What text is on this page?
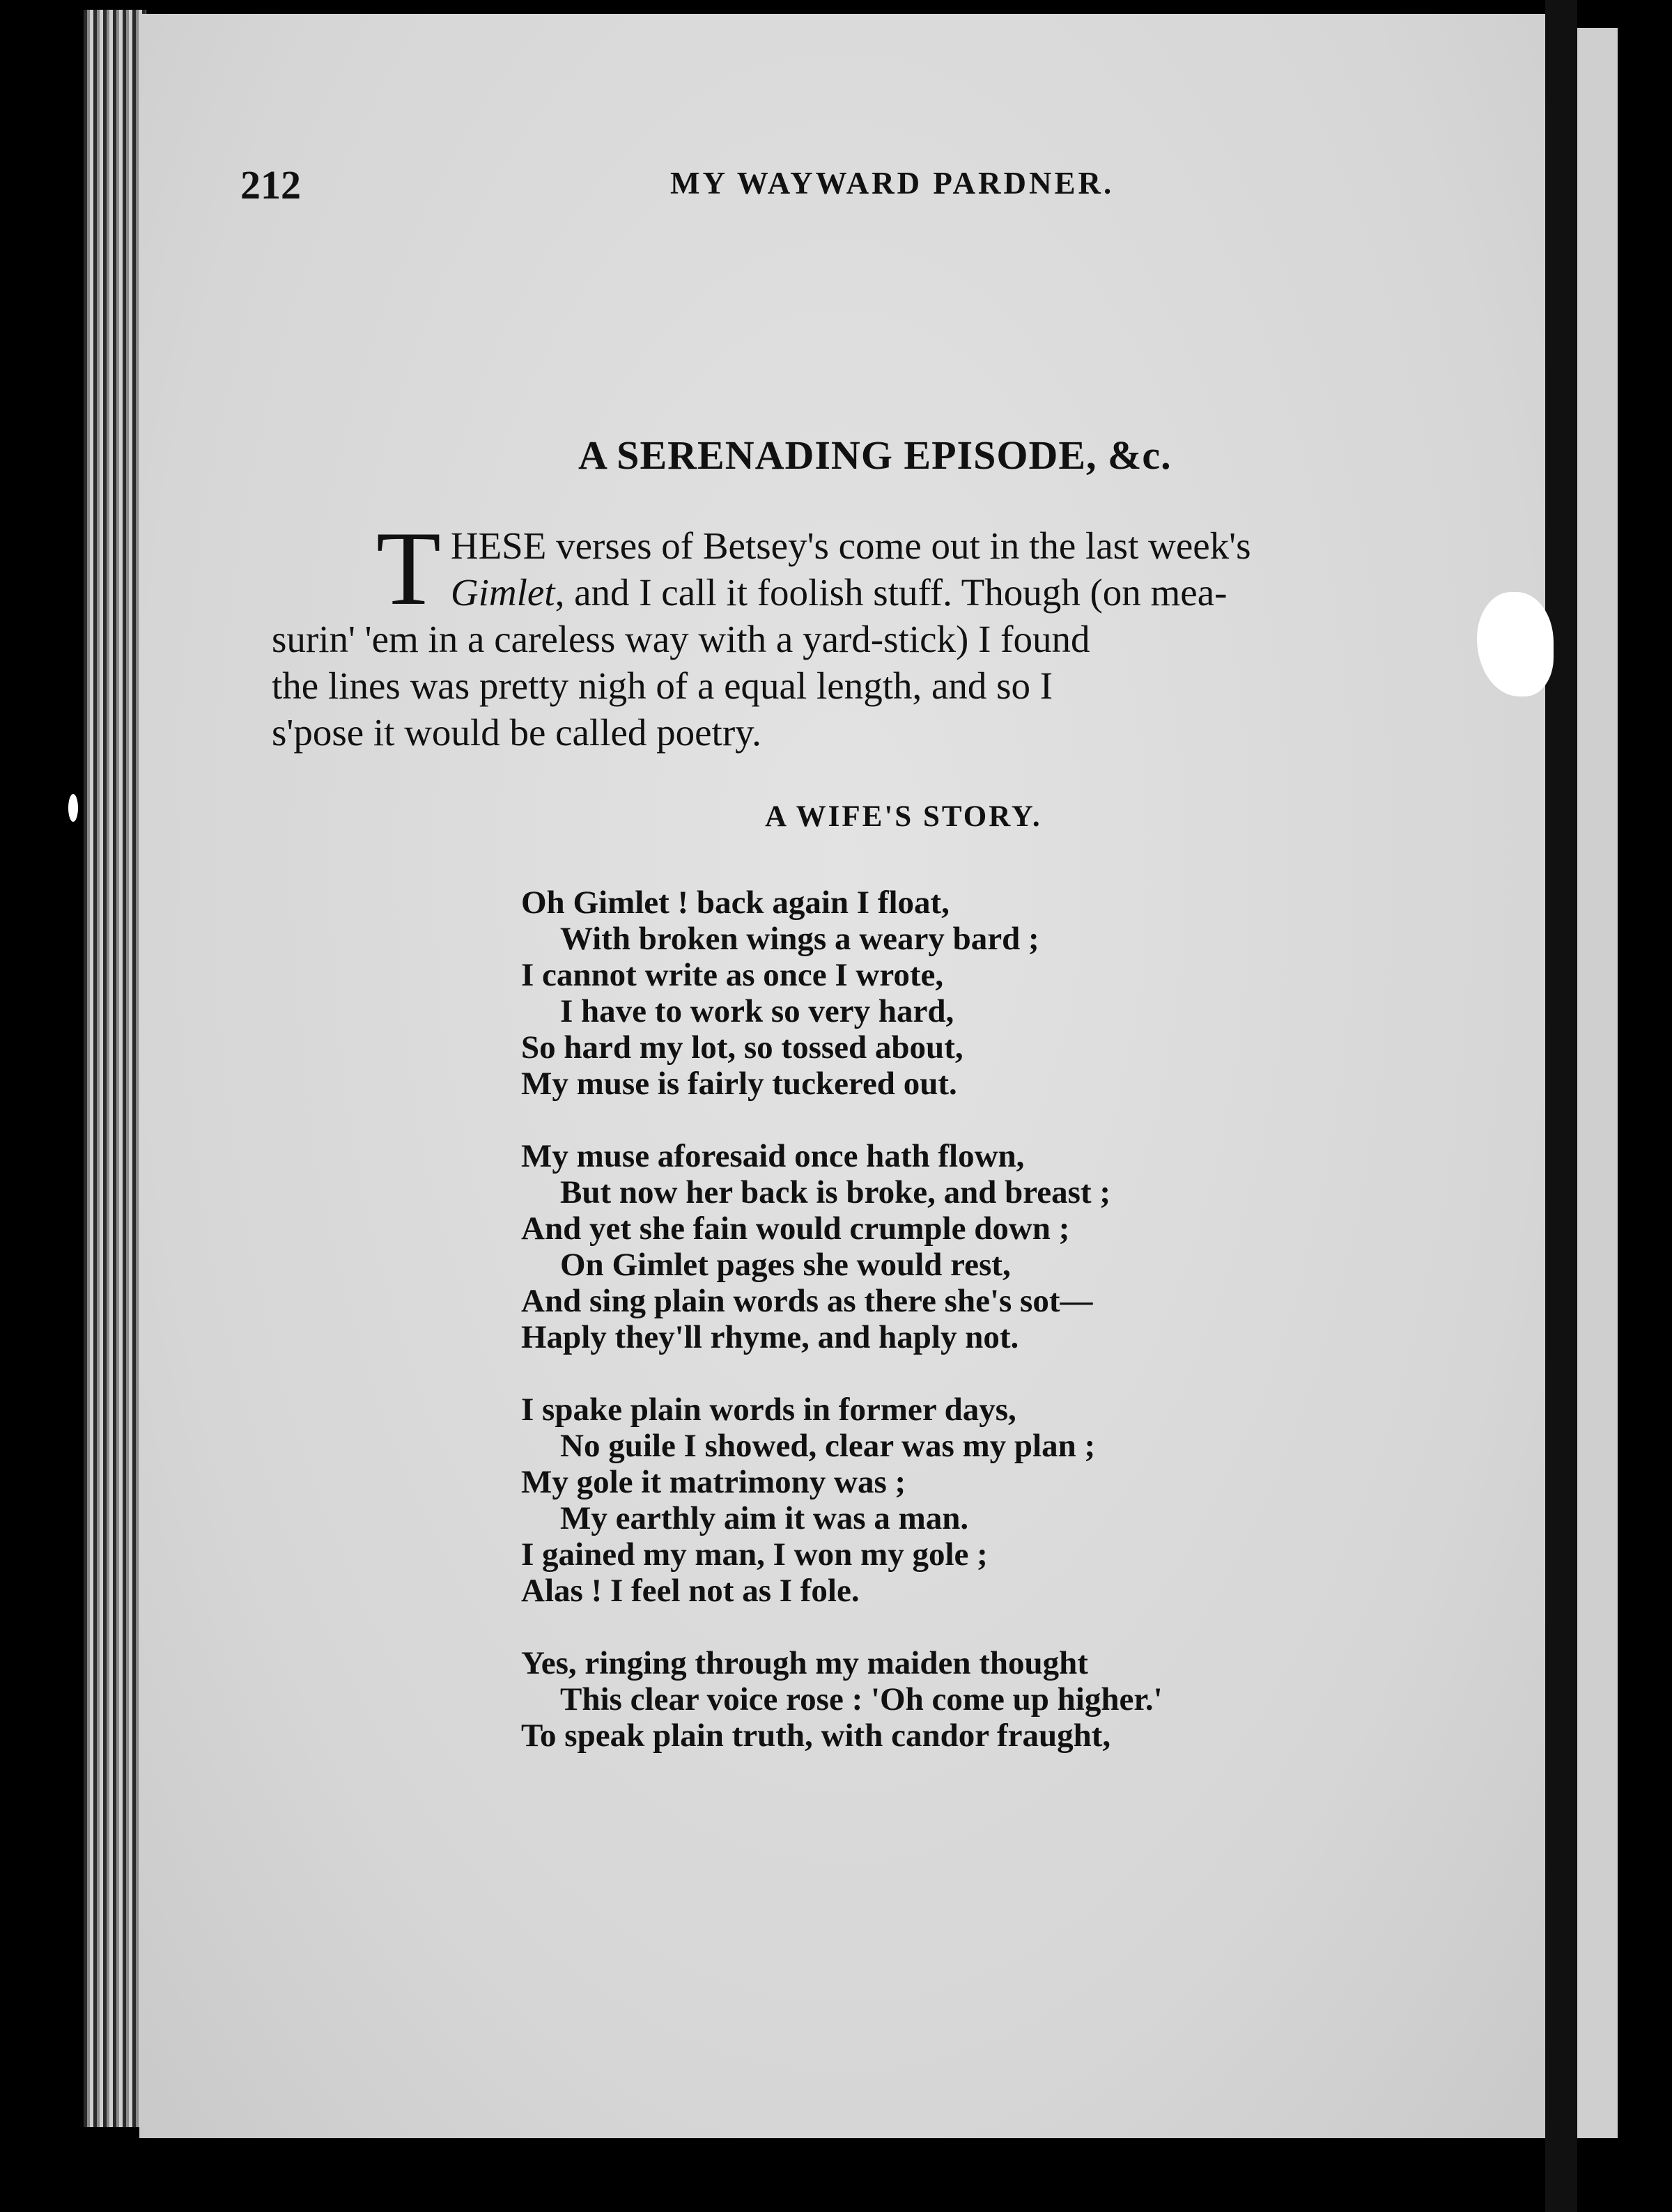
212	MY WAYWARD PARDNER.
A SERENADING EPISODE, &c.
T HESE verses of Betsey's come out in the last week's
Gimlet, and I call it foolish stuff. Though (on mea-
surin' 'em in a careless way with a yard-stick) I found
the lines was pretty nigh of a equal length, and so I
s'pose it would be called poetry.
A WIFE'S STORY.
Oh Gimlet ! back again I float,
With broken wings a weary bard ;
I cannot write as once I wrote,
I have to work so very hard,
So hard my lot, so tossed about,
My muse is fairly tuckered out.
My muse aforesaid once hath flown,
But now her back is broke, and breast ;
And yet she fain would crumple down ;
On Gimlet pages she would rest,
And sing plain words as there she's sot—
Haply they'll rhyme, and haply not.
I spake plain words in former days,
No guile I showed, clear was my plan ;
My gole it matrimony was ;
My earthly aim it was a man.
I gained my man, I won my gole ;
Alas ! I feel not as I fole.
Yes, ringing through my maiden thought
This clear voice rose : 'Oh come up higher.'
To speak plain truth, with candor fraught,
